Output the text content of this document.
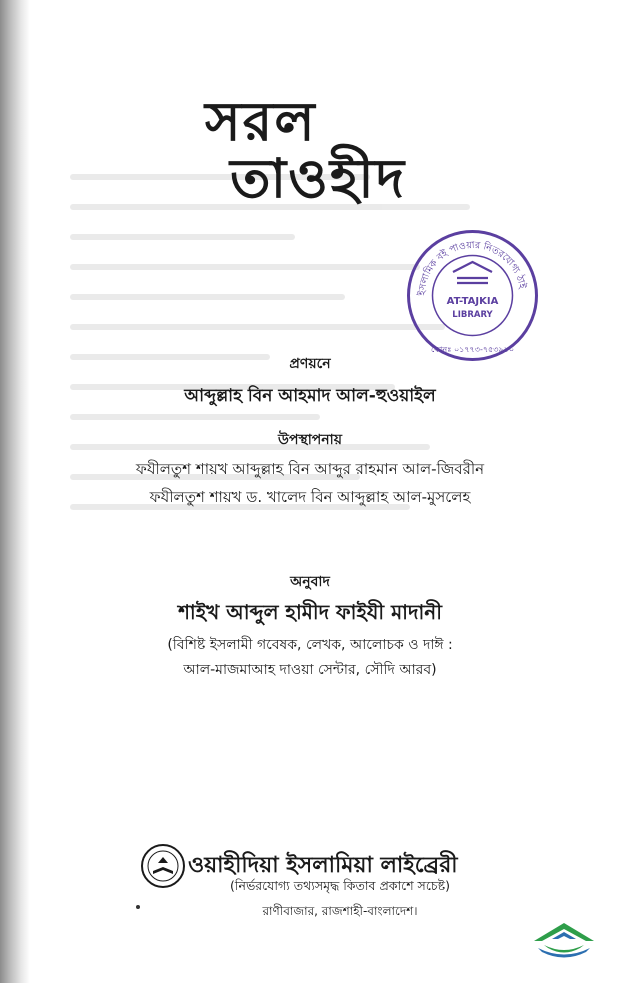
সরল
তাওহীদ
ইসলামিক বই পাওয়ার নিতরযোগ্য ঠাই
AT-TAJKIA
LIBRARY
ফোনঃ ০১৭৭৩-৭৫৩৯১০
প্রণয়নে
আব্দুল্লাহ বিন আহমাদ আল-হুওয়াইল
উপস্থাপনায়
ফযীলতুশ শায়খ আব্দুল্লাহ বিন আব্দুর রাহমান আল-জিবরীন
ফযীলতুশ শায়খ ড. খালেদ বিন আব্দুল্লাহ আল-মুসলেহ
অনুবাদ
শাইখ আব্দুল হামীদ ফাইযী মাদানী
(বিশিষ্ট ইসলামী গবেষক, লেখক, আলোচক ও দাঈ :
আল-মাজমাআহ দাওয়া সেন্টার, সৌদি আরব)
ওয়াহীদিয়া ইসলামিয়া লাইব্রেরী
(নির্ভরযোগ্য তথ্যসমৃদ্ধ কিতাব প্রকাশে সচেষ্ট)
রাণীবাজার, রাজশাহী-বাংলাদেশ।
